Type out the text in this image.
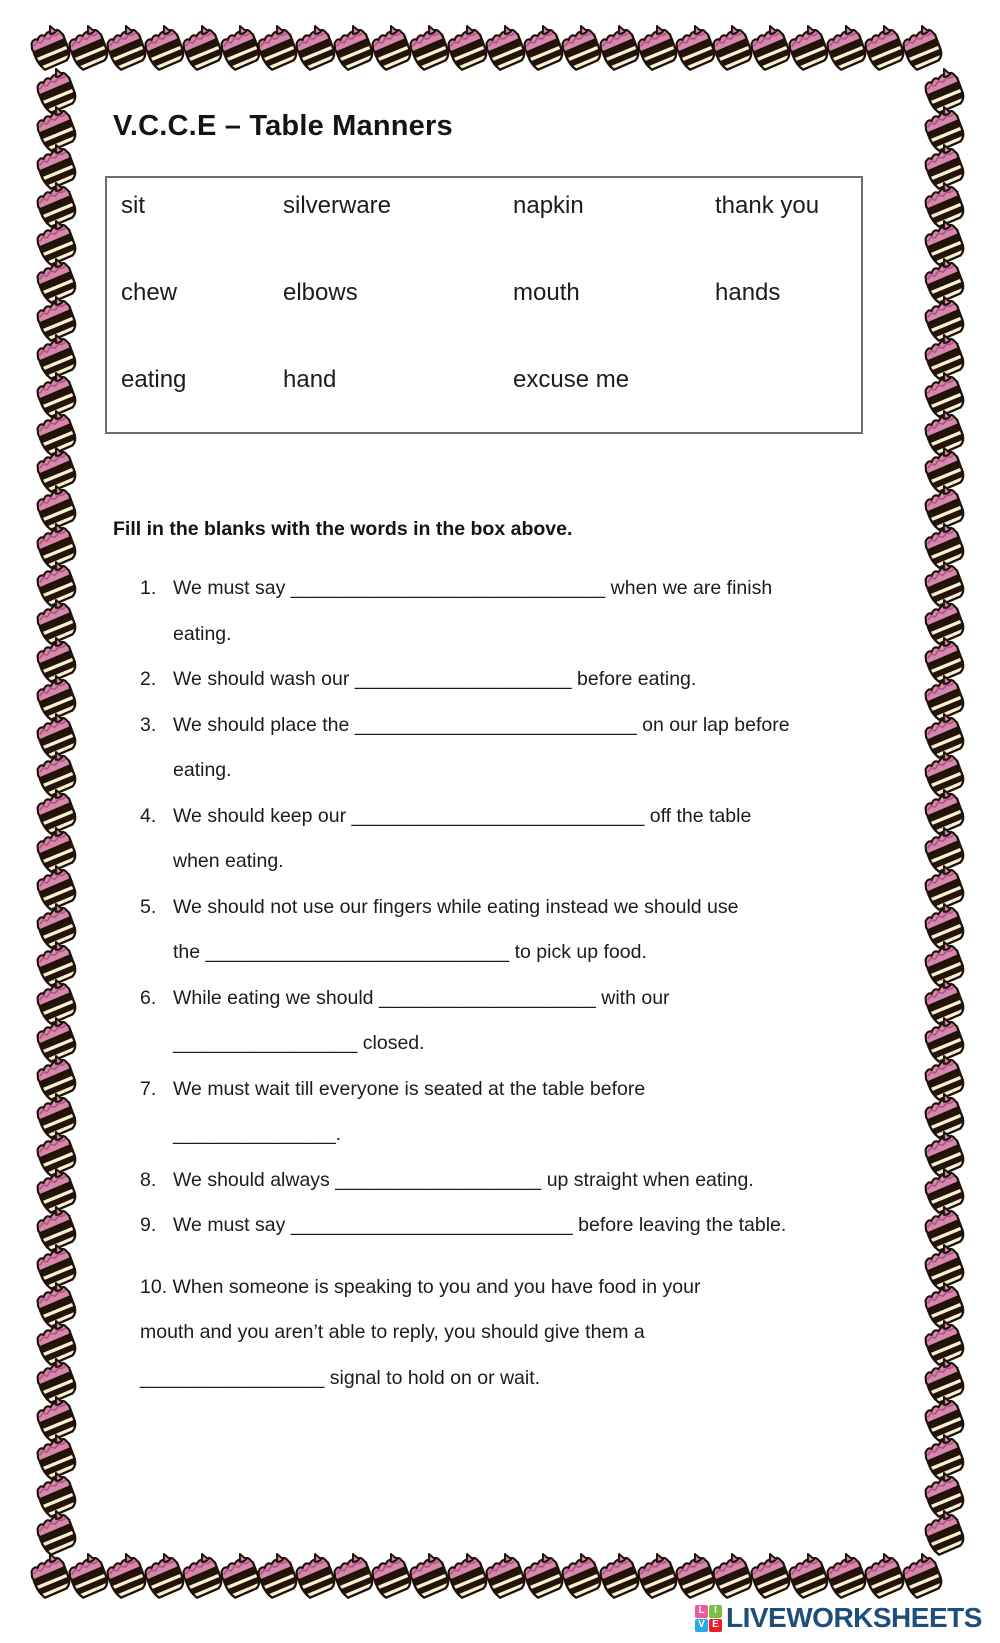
V.C.C.E – Table Manners
sit	silverware	napkin	thank you
chew	elbows	mouth	hands
eating	hand	excuse me
Fill in the blanks with the words in the box above.
1. We must say _____________________________ when we are finish
eating.
2. We should wash our ____________________ before eating.
3. We should place the __________________________ on our lap before
eating.
4. We should keep our ___________________________ off the table
when eating.
5. We should not use our fingers while eating instead we should use
the ____________________________ to pick up food.
6. While eating we should ____________________ with our
_________________ closed.
7. We must wait till everyone is seated at the table before
_______________.
8. We should always ___________________ up straight when eating.
9. We must say __________________________ before leaving the table.
10. When someone is speaking to you and you have food in your
mouth and you aren’t able to reply, you should give them a
_________________ signal to hold on or wait.
L I
V E LIVEWORKSHEETS
